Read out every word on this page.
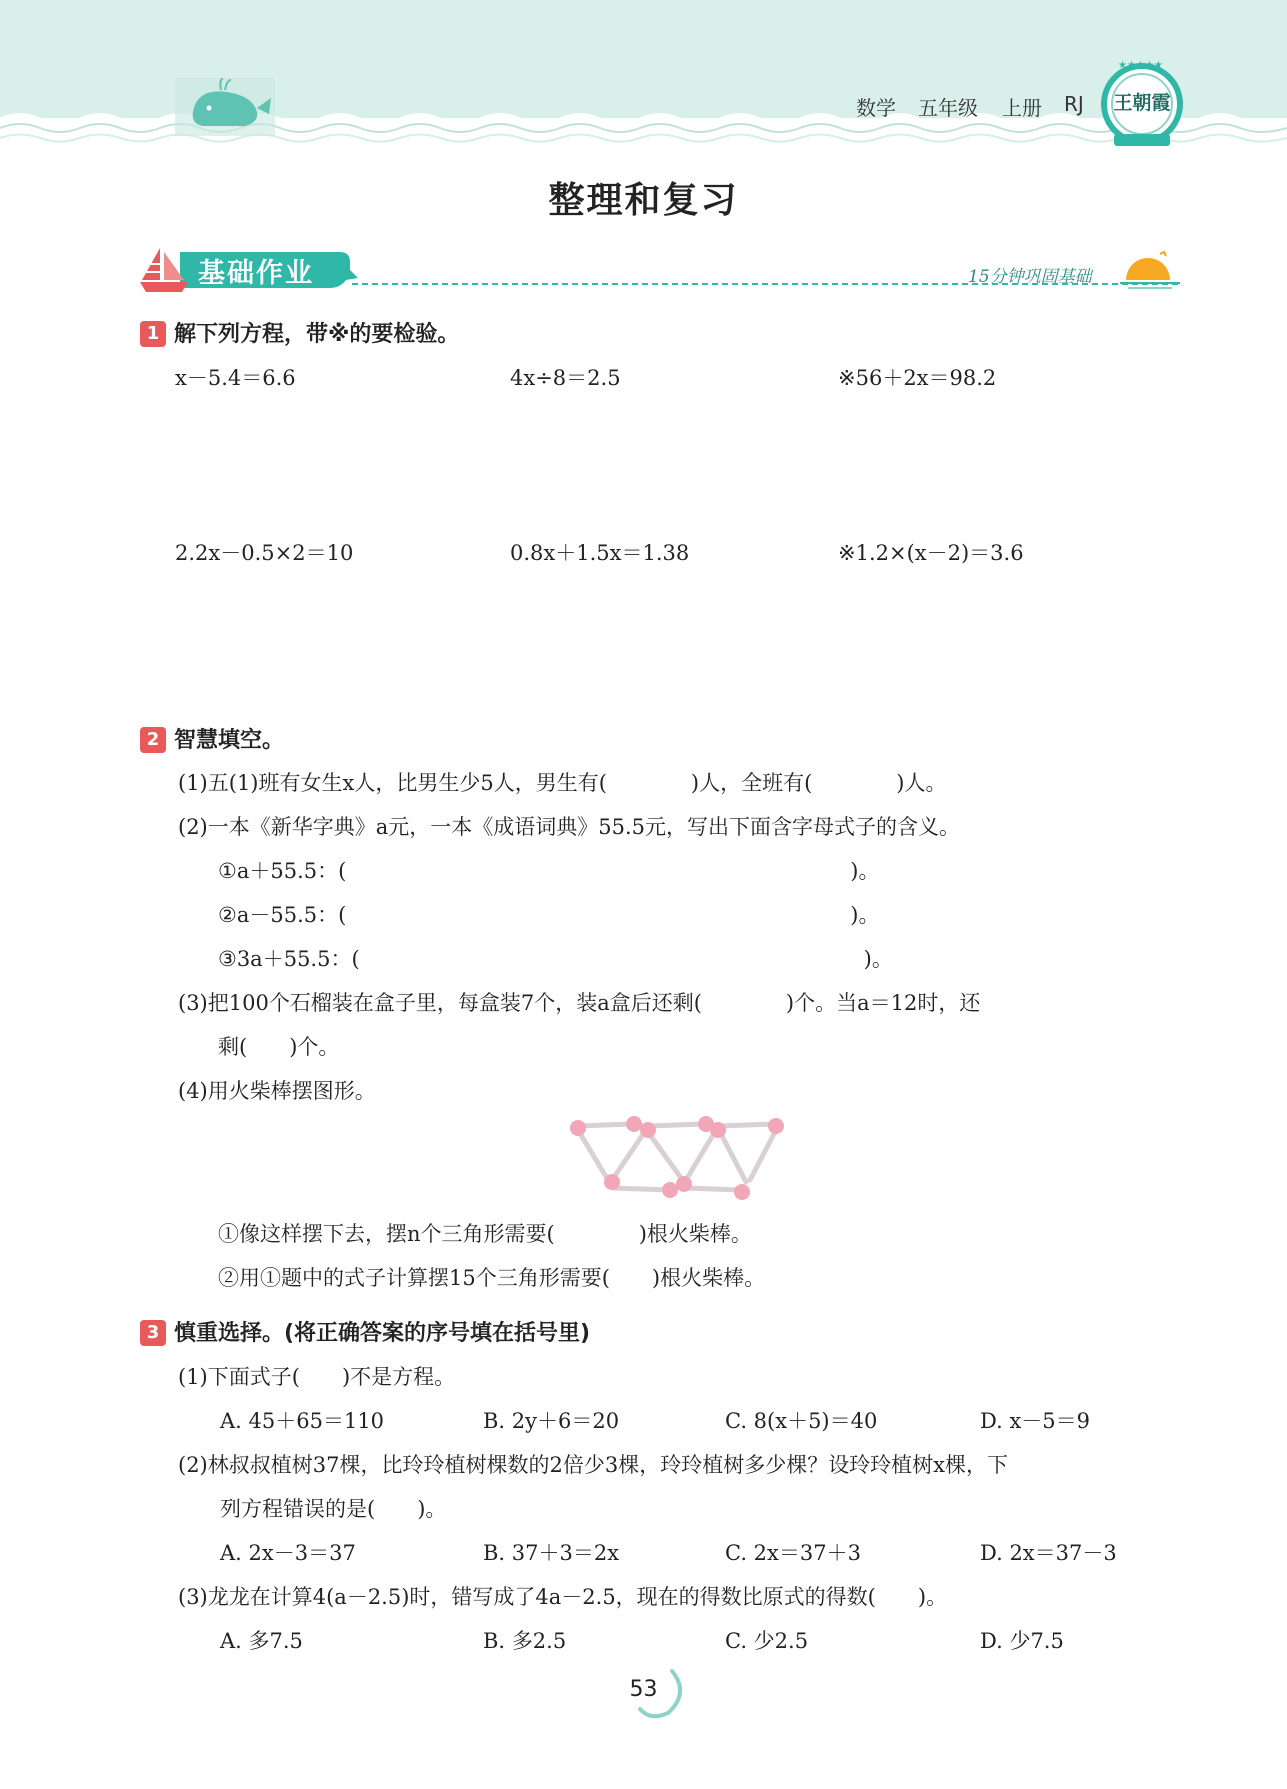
数学 五年级 上册 RJ
★★★★★
王朝霞
整理和复习
基础作业	15分钟巩固基础
1 解下列方程，带※的要检验。
x－5.4＝6.6	4x÷8＝2.5	※56＋2x＝98.2
2.2x－0.5×2＝10	0.8x＋1.5x＝1.38	※1.2×(x－2)＝3.6
2 智慧填空。
(1)五(1)班有女生x人，比男生少5人，男生有(　　　　)人，全班有(　　　　)人。
(2)一本《新华字典》a元，一本《成语词典》55.5元，写出下面含字母式子的含义。
①a＋55.5：(　　　　　　　　　　　　　　　　　　　　　　　　)。
②a－55.5：(　　　　　　　　　　　　　　　　　　　　　　　　)。
③3a＋55.5：(　　　　　　　　　　　　　　　　　　　　　　　　)。
(3)把100个石榴装在盒子里，每盒装7个，装a盒后还剩(　　　　)个。当a＝12时，还
剩(　　)个。
(4)用火柴棒摆图形。
①像这样摆下去，摆n个三角形需要(　　　　)根火柴棒。
②用①题中的式子计算摆15个三角形需要(　　)根火柴棒。
3 慎重选择。(将正确答案的序号填在括号里)
(1)下面式子(　　)不是方程。
A. 45＋65＝110	B. 2y＋6＝20	C. 8(x＋5)＝40	D. x－5＝9
(2)林叔叔植树37棵，比玲玲植树棵数的2倍少3棵，玲玲植树多少棵？设玲玲植树x棵，下
列方程错误的是(　　)。
A. 2x－3＝37	B. 37＋3＝2x	C. 2x＝37＋3	D. 2x＝37－3
(3)龙龙在计算4(a－2.5)时，错写成了4a－2.5，现在的得数比原式的得数(　　)。
A. 多7.5	B. 多2.5	C. 少2.5	D. 少7.5
53
